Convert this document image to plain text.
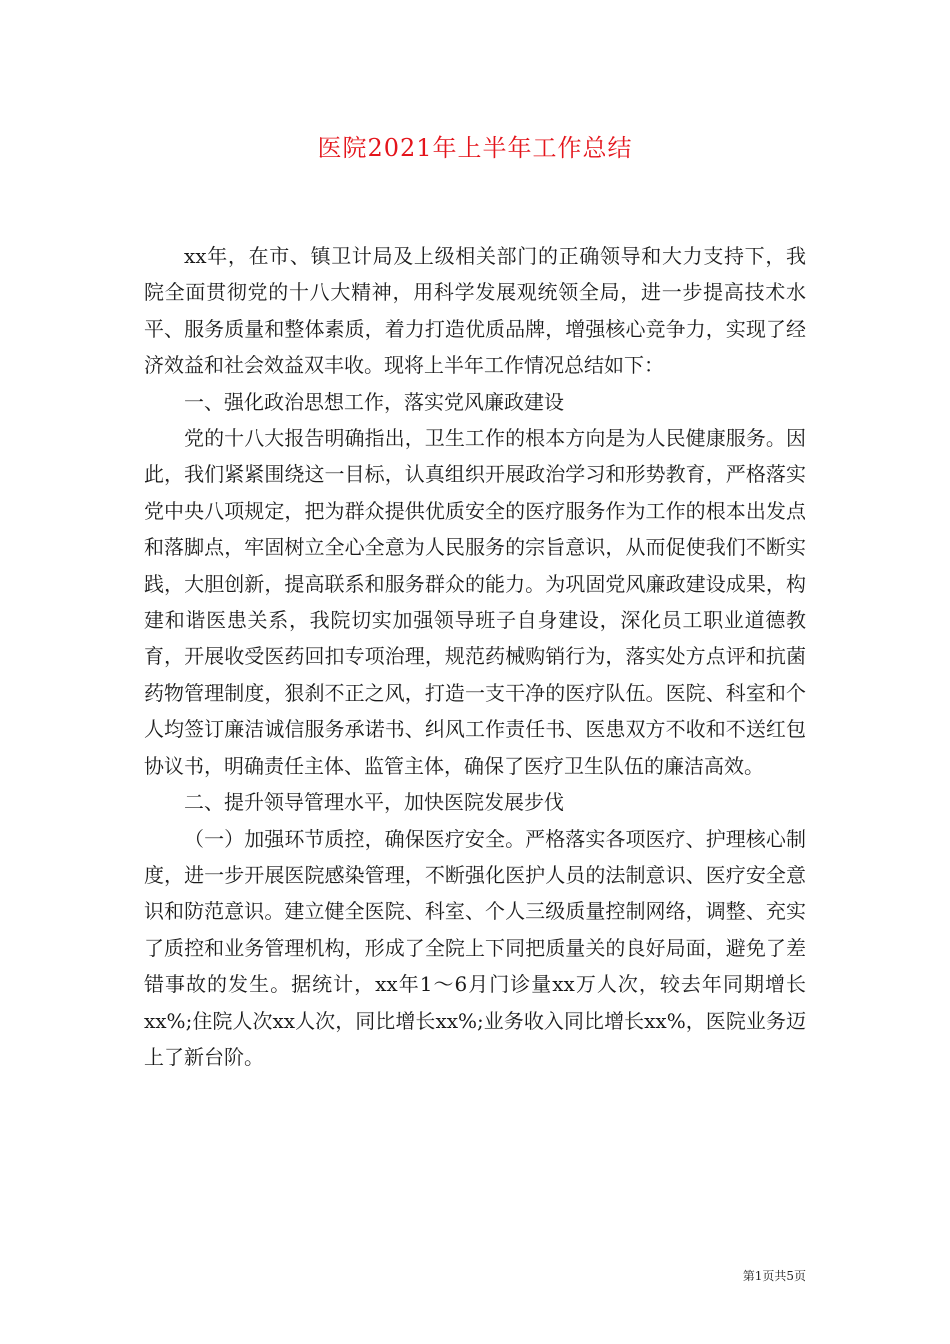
医院2021年上半年工作总结

xx年，在市、镇卫计局及上级相关部门的正确领导和大力支持下，我院全面贯彻党的十八大精神，用科学发展观统领全局，进一步提高技术水平、服务质量和整体素质，着力打造优质品牌，增强核心竞争力，实现了经济效益和社会效益双丰收。现将上半年工作情况总结如下：

一、强化政治思想工作，落实党风廉政建设

党的十八大报告明确指出，卫生工作的根本方向是为人民健康服务。因此，我们紧紧围绕这一目标，认真组织开展政治学习和形势教育，严格落实党中央八项规定，把为群众提供优质安全的医疗服务作为工作的根本出发点和落脚点，牢固树立全心全意为人民服务的宗旨意识，从而促使我们不断实践，大胆创新，提高联系和服务群众的能力。为巩固党风廉政建设成果，构建和谐医患关系，我院切实加强领导班子自身建设，深化员工职业道德教育，开展收受医药回扣专项治理，规范药械购销行为，落实处方点评和抗菌药物管理制度，狠刹不正之风，打造一支干净的医疗队伍。医院、科室和个人均签订廉洁诚信服务承诺书、纠风工作责任书、医患双方不收和不送红包协议书，明确责任主体、监管主体，确保了医疗卫生队伍的廉洁高效。

二、提升领导管理水平，加快医院发展步伐

（一）加强环节质控，确保医疗安全。严格落实各项医疗、护理核心制度，进一步开展医院感染管理，不断强化医护人员的法制意识、医疗安全意识和防范意识。建立健全医院、科室、个人三级质量控制网络，调整、充实了质控和业务管理机构，形成了全院上下同把质量关的良好局面，避免了差错事故的发生。据统计，xx年1～6月门诊量xx万人次，较去年同期增长xx%;住院人次xx人次，同比增长xx%;业务收入同比增长xx%，医院业务迈上了新台阶。

第1页共5页
